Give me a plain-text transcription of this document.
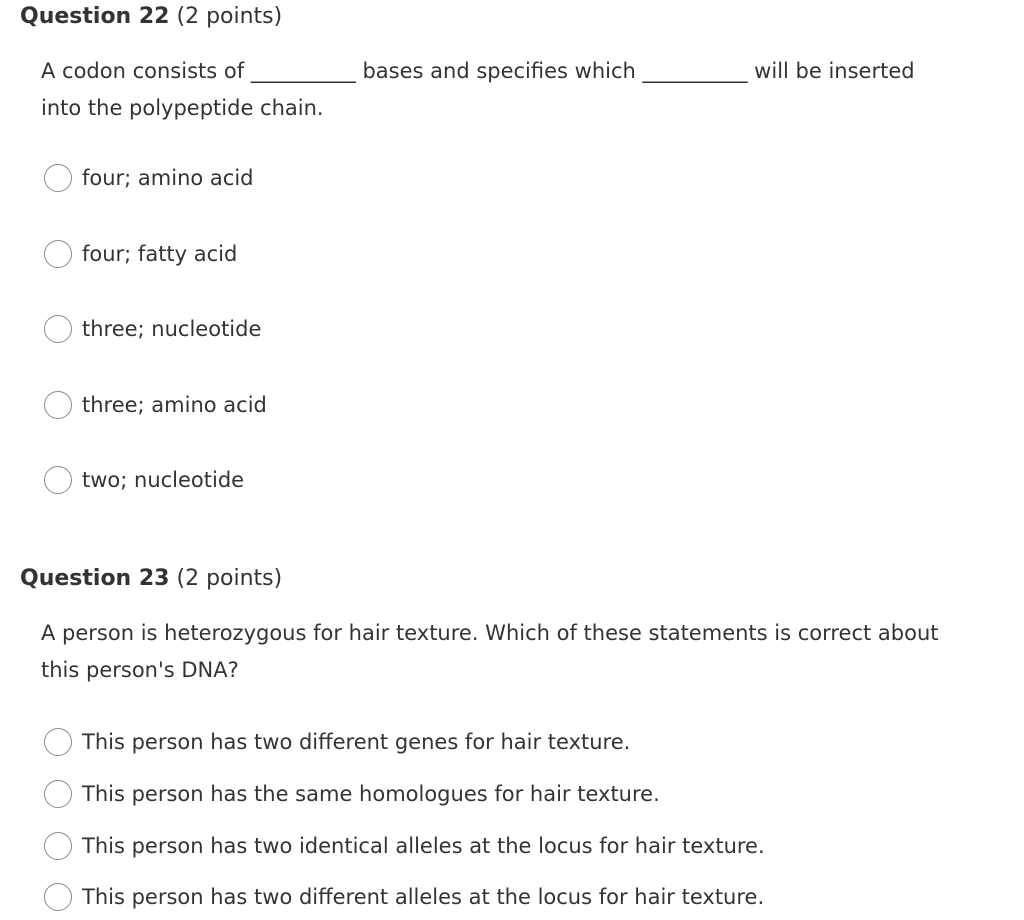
Question 22 (2 points)
A codon consists of __________ bases and specifies which __________ will be inserted
into the polypeptide chain.
four; amino acid
four; fatty acid
three; nucleotide
three; amino acid
two; nucleotide
Question 23 (2 points)
A person is heterozygous for hair texture. Which of these statements is correct about
this person's DNA?
This person has two different genes for hair texture.
This person has the same homologues for hair texture.
This person has two identical alleles at the locus for hair texture.
This person has two different alleles at the locus for hair texture.
